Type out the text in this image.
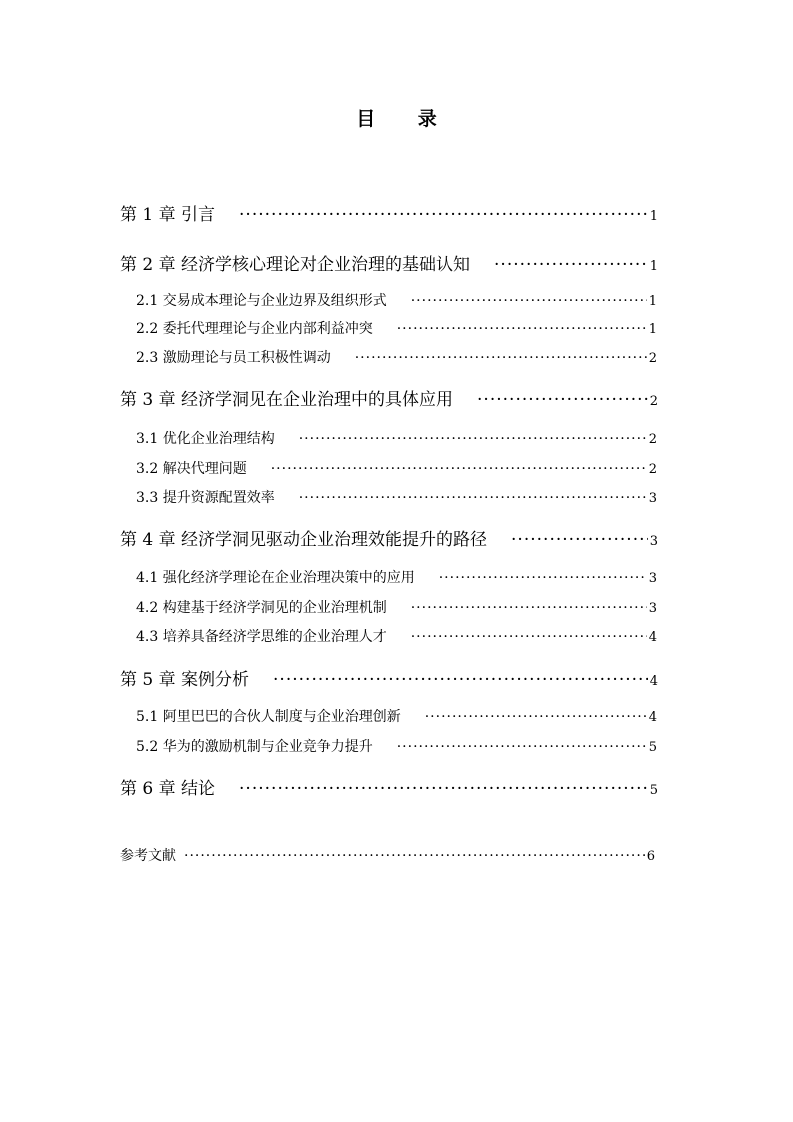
目 录
第 1 章 引言 ·····	1
第 2 章 经济学核心理论对企业治理的基础认知 ·····	1
2.1 交易成本理论与企业边界及组织形式 ·····	1
2.2 委托代理理论与企业内部利益冲突 ·····	1
2.3 激励理论与员工积极性调动 ·····	2
第 3 章 经济学洞见在企业治理中的具体应用 ·····	2
3.1 优化企业治理结构 ·····	2
3.2 解决代理问题 ·····	2
3.3 提升资源配置效率 ·····	3
第 4 章 经济学洞见驱动企业治理效能提升的路径 ·····	3
4.1 强化经济学理论在企业治理决策中的应用 ·····	3
4.2 构建基于经济学洞见的企业治理机制 ·····	3
4.3 培养具备经济学思维的企业治理人才 ·····	4
第 5 章 案例分析 ·····	4
5.1 阿里巴巴的合伙人制度与企业治理创新 ·····	4
5.2 华为的激励机制与企业竞争力提升 ·····	5
第 6 章 结论 ·····	5
参考文献 ·····	6
